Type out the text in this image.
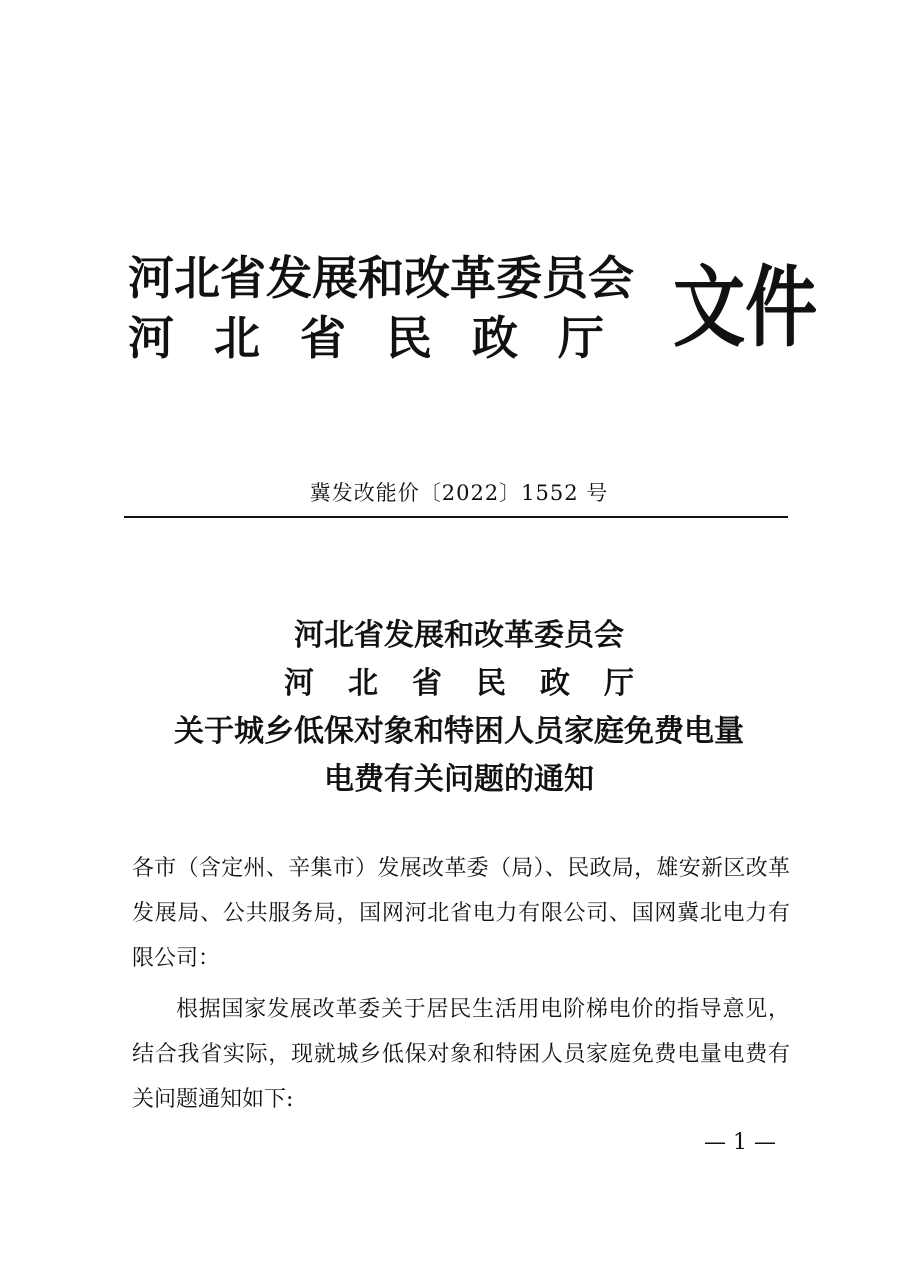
河北省发展和改革委员会
河北省民政厅 文件
冀发改能价〔2022〕1552 号
河北省发展和改革委员会
河北省民政厅
关于城乡低保对象和特困人员家庭免费电量
电费有关问题的通知

各市（含定州、辛集市）发展改革委（局）、民政局，雄安新区改革发展局、公共服务局，国网河北省电力有限公司、国网冀北电力有限公司：

根据国家发展改革委关于居民生活用电阶梯电价的指导意见，结合我省实际，现就城乡低保对象和特困人员家庭免费电量电费有关问题通知如下:

— 1 —
